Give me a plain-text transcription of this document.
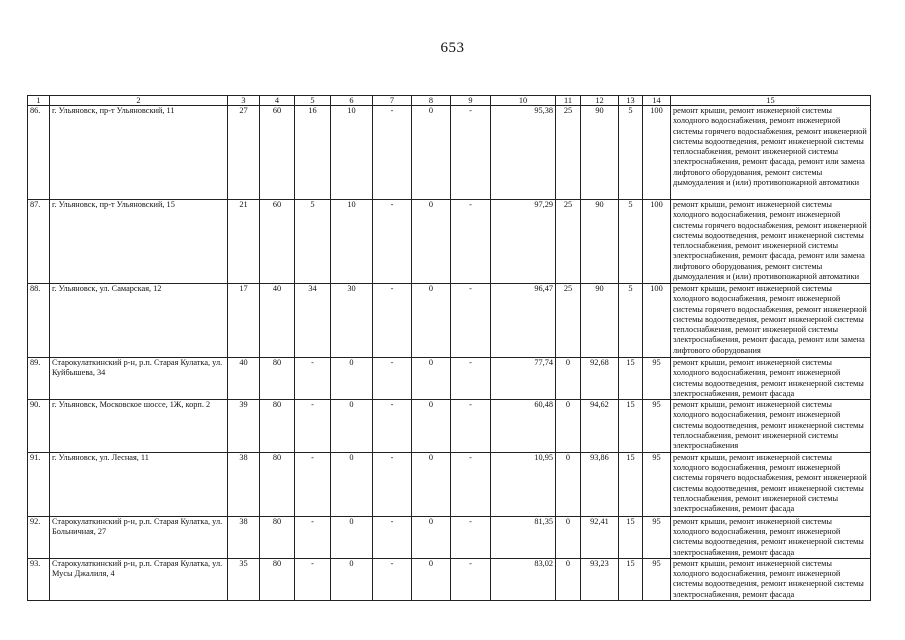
653
1	2	3	4	5	6	7	8	9	10	11	12	13	14	15
86.	г. Ульяновск, пр-т Ульяновский, 11	27	60	16	10	-	0	-	95,38	25	90	5	100	ремонт крыши, ремонт инженерной системы холодного водоснабжения, ремонт инженерной системы горячего водоснабжения, ремонт инженерной системы водоотведения, ремонт инженерной системы теплоснабжения, ремонт инженерной системы электроснабжения, ремонт фасада, ремонт или замена лифтового оборудования, ремонт системы дымоудаления и (или) противопожарной автоматики
87.	г. Ульяновск, пр-т Ульяновский, 15	21	60	5	10	-	0	-	97,29	25	90	5	100	ремонт крыши, ремонт инженерной системы холодного водоснабжения, ремонт инженерной системы горячего водоснабжения, ремонт инженерной системы водоотведения, ремонт инженерной системы теплоснабжения, ремонт инженерной системы электроснабжения, ремонт фасада, ремонт или замена лифтового оборудования, ремонт системы дымоудаления и (или) противопожарной автоматики
88.	г. Ульяновск, ул. Самарская, 12	17	40	34	30	-	0	-	96,47	25	90	5	100	ремонт крыши, ремонт инженерной системы холодного водоснабжения, ремонт инженерной системы горячего водоснабжения, ремонт инженерной системы водоотведения, ремонт инженерной системы теплоснабжения, ремонт инженерной системы электроснабжения, ремонт фасада, ремонт или замена лифтового оборудования
89.	Старокулаткинский р-н, р.п. Старая Кулатка, ул. Куйбышева, 34	40	80	-	0	-	0	-	77,74	0	92,68	15	95	ремонт крыши, ремонт инженерной системы холодного водоснабжения, ремонт инженерной системы водоотведения, ремонт инженерной системы электроснабжения, ремонт фасада
90.	г. Ульяновск, Московское шоссе, 1Ж, корп. 2	39	80	-	0	-	0	-	60,48	0	94,62	15	95	ремонт крыши, ремонт инженерной системы холодного водоснабжения, ремонт инженерной системы водоотведения, ремонт инженерной системы теплоснабжения, ремонт инженерной системы электроснабжения
91.	г. Ульяновск, ул. Лесная, 11	38	80	-	0	-	0	-	10,95	0	93,86	15	95	ремонт крыши, ремонт инженерной системы холодного водоснабжения, ремонт инженерной системы горячего водоснабжения, ремонт инженерной системы водоотведения, ремонт инженерной системы теплоснабжения, ремонт инженерной системы электроснабжения, ремонт фасада
92.	Старокулаткинский р-н, р.п. Старая Кулатка, ул. Больничная, 27	38	80	-	0	-	0	-	81,35	0	92,41	15	95	ремонт крыши, ремонт инженерной системы холодного водоснабжения, ремонт инженерной системы водоотведения, ремонт инженерной системы электроснабжения, ремонт фасада
93.	Старокулаткинский р-н, р.п. Старая Кулатка, ул. Мусы Джалиля, 4	35	80	-	0	-	0	-	83,02	0	93,23	15	95	ремонт крыши, ремонт инженерной системы холодного водоснабжения, ремонт инженерной системы водоотведения, ремонт инженерной системы электроснабжения, ремонт фасада
